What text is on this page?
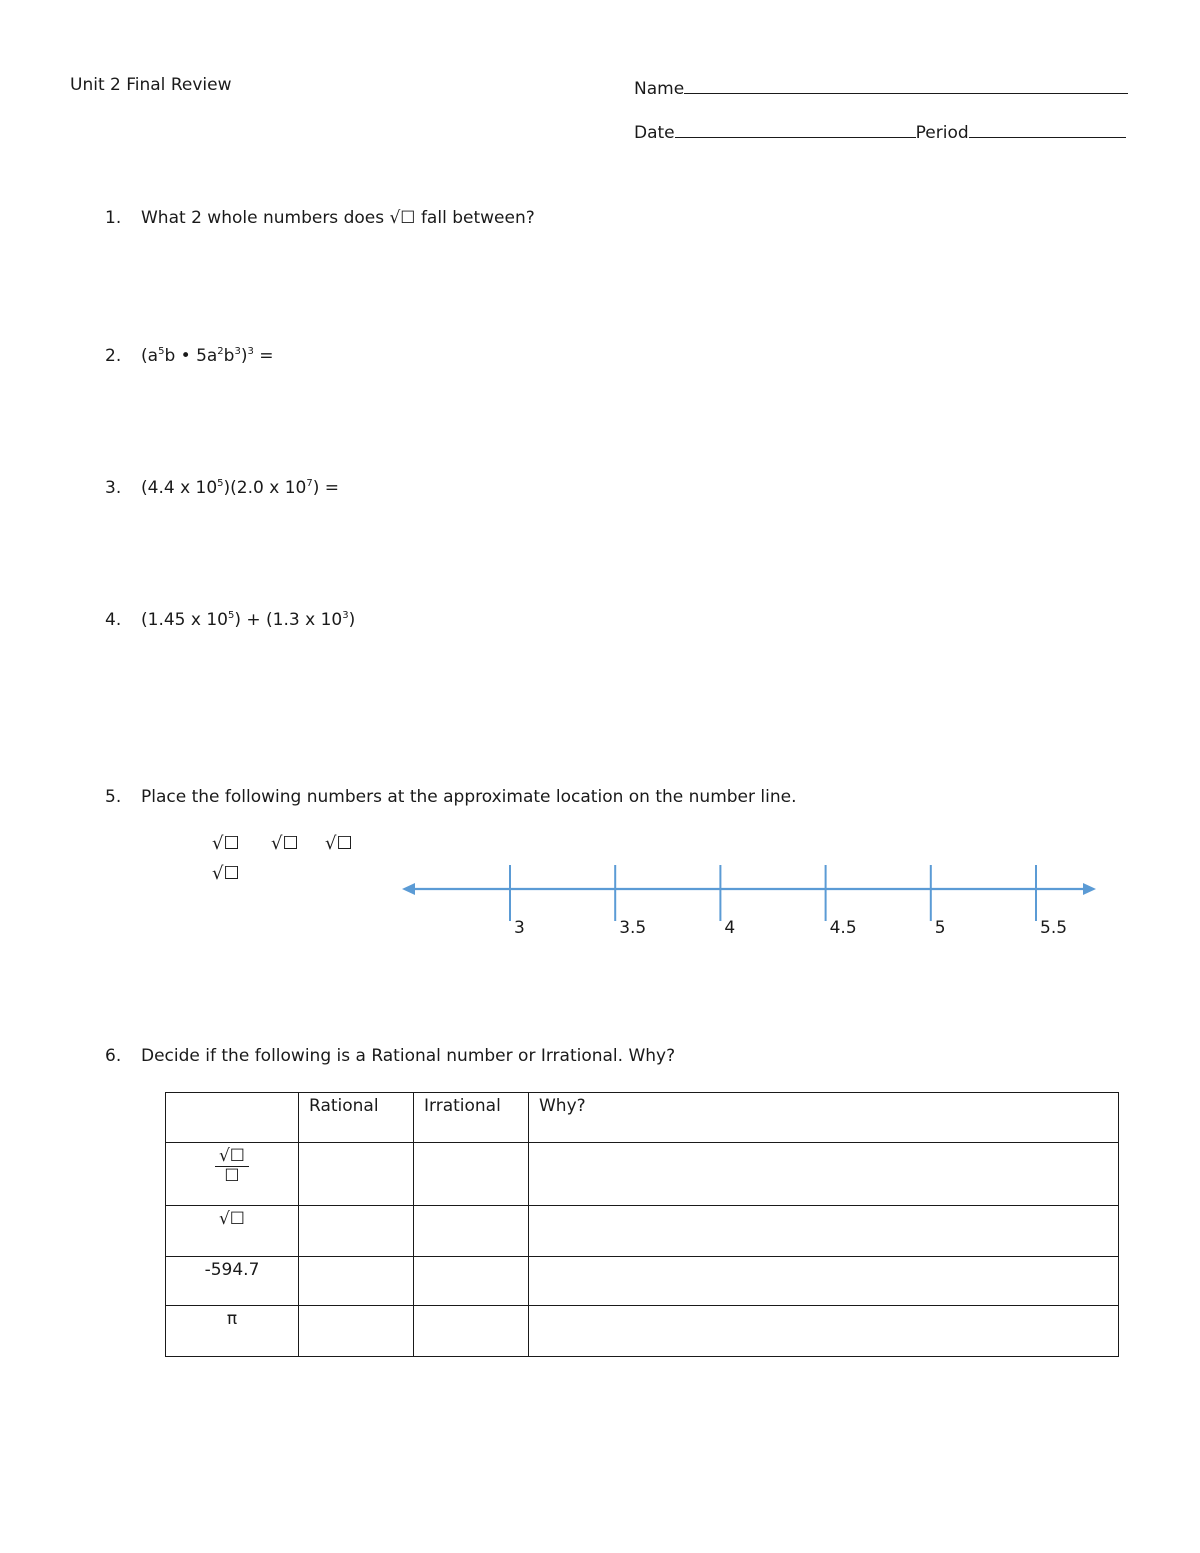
Unit 2 Final Review	Name
Date	Period
1. What 2 whole numbers does √☐ fall between?
2. ($a^5b$ • $5a^2b^3)^3$ =
3. (4.4 x $10^5)(2.0$ x $10^7$) =
4. (1.45 x $10^5) + (1.3$ x $10^3$)
5. Place the following numbers at the approximate location on the number line.
√☐ √☐ √☐
√☐
3	3.5	4	4.5	5	5.5
6. Decide if the following is a Rational number or Irrational. Why?
	Rational	Irrational	Why?

$\frac{√☐}{☐}$

√☐			
-594.7			
π			
